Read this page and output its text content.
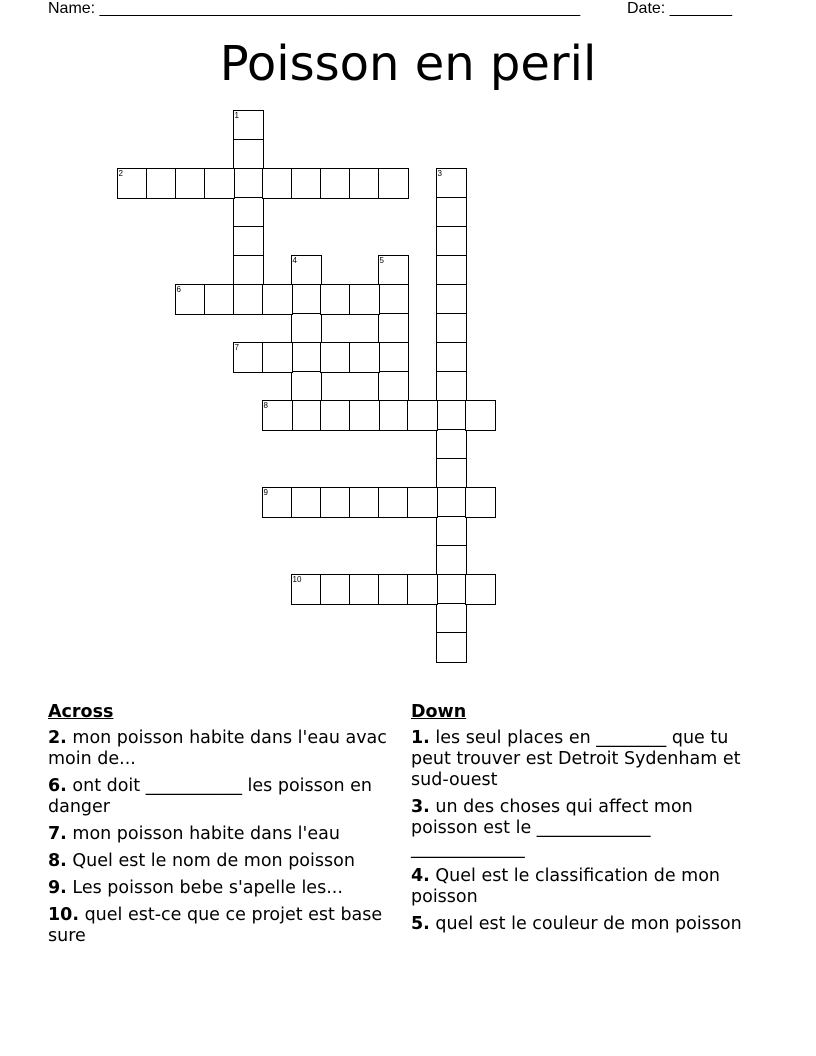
Name: ______________________________________________________	Date: _______
Poisson en peril
1
2	3
4	5
6
7
8
9
10
Across
2. mon poisson habite dans l'eau avac moin de...
6. ont doit ___________ les poisson en danger
7. mon poisson habite dans l'eau
8. Quel est le nom de mon poisson
9. Les poisson bebe s'apelle les...
10. quel est-ce que ce projet est base sure
Down
1. les seul places en ________ que tu peut trouver est Detroit Sydenham et sud-ouest
3. un des choses qui affect mon poisson est le _____________ _____________
4. Quel est le classification de mon poisson
5. quel est le couleur de mon poisson
